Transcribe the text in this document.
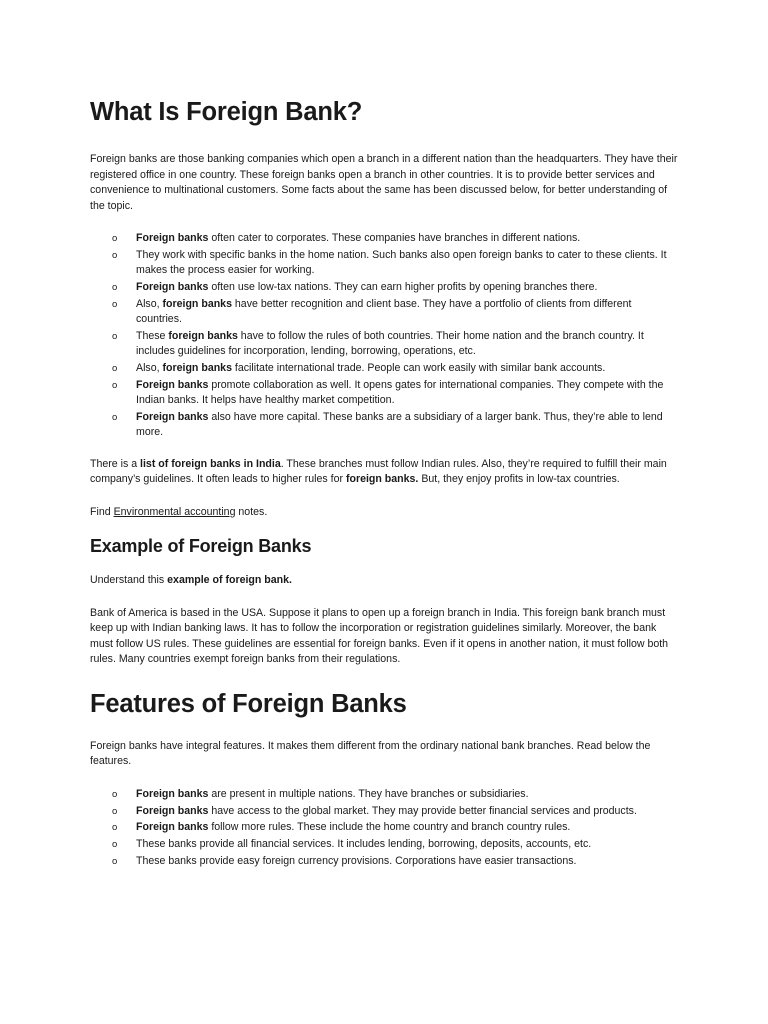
What Is Foreign Bank?

Foreign banks are those banking companies which open a branch in a different nation than the headquarters. They have their registered office in one country. These foreign banks open a branch in other countries. It is to provide better services and convenience to multinational customers. Some facts about the same has been discussed below, for better understanding of the topic.

o Foreign banks often cater to corporates. These companies have branches in different nations.
o They work with specific banks in the home nation. Such banks also open foreign banks to cater to these clients. It makes the process easier for working.
o Foreign banks often use low-tax nations. They can earn higher profits by opening branches there.
o Also, foreign banks have better recognition and client base. They have a portfolio of clients from different countries.
o These foreign banks have to follow the rules of both countries. Their home nation and the branch country. It includes guidelines for incorporation, lending, borrowing, operations, etc.
o Also, foreign banks facilitate international trade. People can work easily with similar bank accounts.
o Foreign banks promote collaboration as well. It opens gates for international companies. They compete with the Indian banks. It helps have healthy market competition.
o Foreign banks also have more capital. These banks are a subsidiary of a larger bank. Thus, they’re able to lend more.

There is a list of foreign banks in India. These branches must follow Indian rules. Also, they’re required to fulfill their main company’s guidelines. It often leads to higher rules for foreign banks. But, they enjoy profits in low-tax countries.

Find Environmental accounting notes.

Example of Foreign Banks

Understand this example of foreign bank.

Bank of America is based in the USA. Suppose it plans to open up a foreign branch in India. This foreign bank branch must keep up with Indian banking laws. It has to follow the incorporation or registration guidelines similarly. Moreover, the bank must follow US rules. These guidelines are essential for foreign banks. Even if it opens in another nation, it must follow both rules. Many countries exempt foreign banks from their regulations.

Features of Foreign Banks

Foreign banks have integral features. It makes them different from the ordinary national bank branches. Read below the features.

o Foreign banks are present in multiple nations. They have branches or subsidiaries.
o Foreign banks have access to the global market. They may provide better financial services and products.
o Foreign banks follow more rules. These include the home country and branch country rules.
o These banks provide all financial services. It includes lending, borrowing, deposits, accounts, etc.
o These banks provide easy foreign currency provisions. Corporations have easier transactions.
